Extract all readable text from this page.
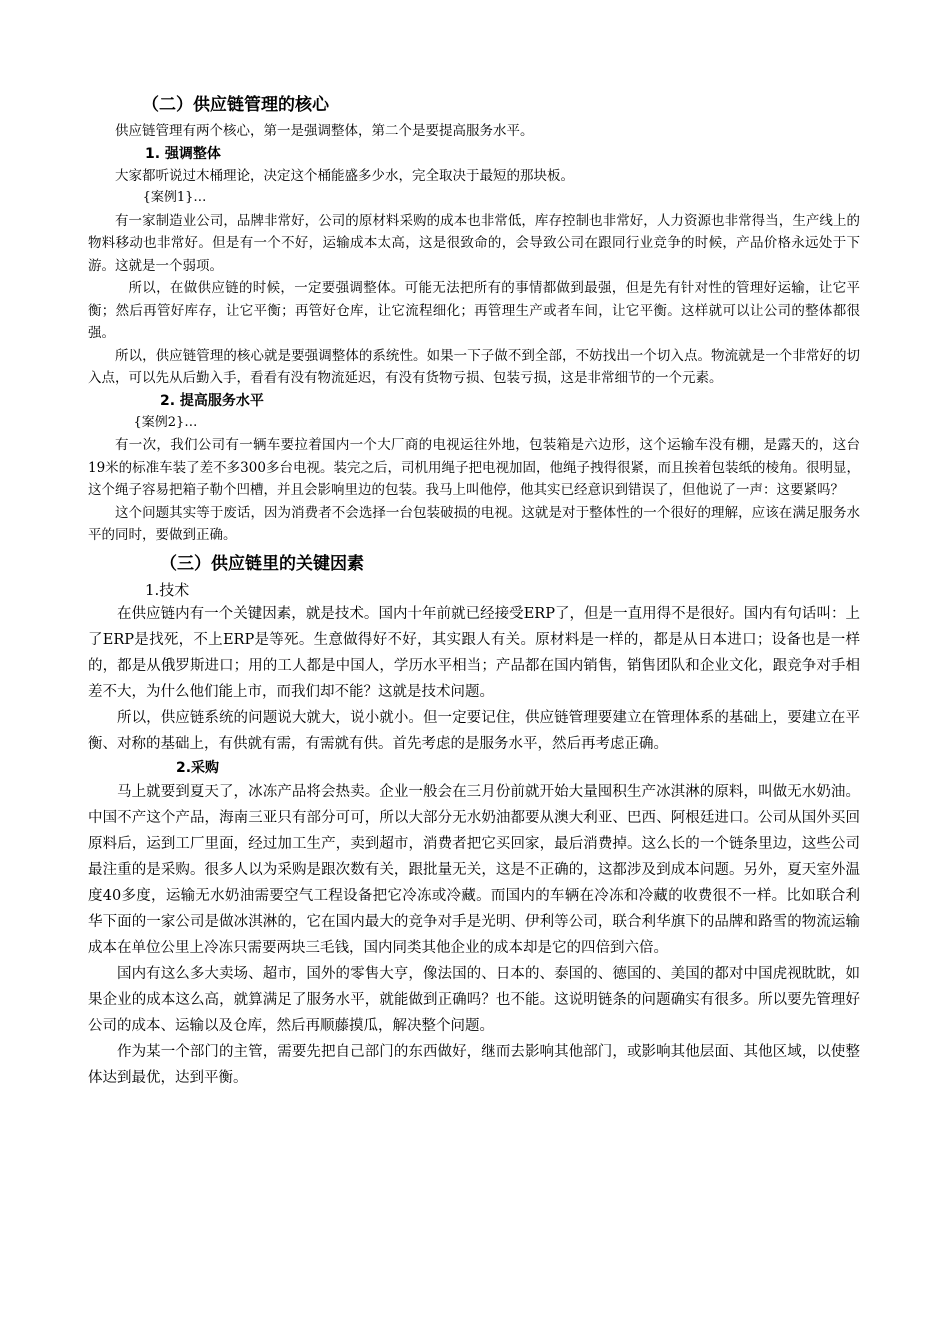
（二）供应链管理的核心

供应链管理有两个核心，第一是强调整体，第二个是要提高服务水平。

1. 强调整体

大家都听说过木桶理论，决定这个桶能盛多少水，完全取决于最短的那块板。

{案例1}…

有一家制造业公司，品牌非常好，公司的原材料采购的成本也非常低，库存控制也非常好，人力资源也非常得当，生产线上的物料移动也非常好。但是有一个不好，运输成本太高，这是很致命的，会导致公司在跟同行业竞争的时候，产品价格永远处于下游。这就是一个弱项。

所以，在做供应链的时候，一定要强调整体。可能无法把所有的事情都做到最强，但是先有针对性的管理好运输，让它平衡；然后再管好库存，让它平衡；再管好仓库，让它流程细化；再管理生产或者车间，让它平衡。这样就可以让公司的整体都很强。

所以，供应链管理的核心就是要强调整体的系统性。如果一下子做不到全部，不妨找出一个切入点。物流就是一个非常好的切入点，可以先从后勤入手，看看有没有物流延迟，有没有货物亏损、包装亏损，这是非常细节的一个元素。

2. 提高服务水平

{案例2}…

有一次，我们公司有一辆车要拉着国内一个大厂商的电视运往外地，包装箱是六边形，这个运输车没有棚，是露天的，这台19米的标准车装了差不多300多台电视。装完之后，司机用绳子把电视加固，他绳子拽得很紧，而且挨着包装纸的棱角。很明显，这个绳子容易把箱子勒个凹槽，并且会影响里边的包装。我马上叫他停，他其实已经意识到错误了，但他说了一声：这要紧吗？

这个问题其实等于废话，因为消费者不会选择一台包装破损的电视。这就是对于整体性的一个很好的理解，应该在满足服务水平的同时，要做到正确。

（三）供应链里的关键因素
1.技术

在供应链内有一个关键因素，就是技术。国内十年前就已经接受ERP了，但是一直用得不是很好。国内有句话叫：上了ERP是找死，不上ERP是等死。生意做得好不好，其实跟人有关。原材料是一样的，都是从日本进口；设备也是一样的，都是从俄罗斯进口；用的工人都是中国人，学历水平相当；产品都在国内销售，销售团队和企业文化，跟竞争对手相差不大，为什么他们能上市，而我们却不能？这就是技术问题。

所以，供应链系统的问题说大就大，说小就小。但一定要记住，供应链管理要建立在管理体系的基础上，要建立在平衡、对称的基础上，有供就有需，有需就有供。首先考虑的是服务水平，然后再考虑正确。

2.采购

马上就要到夏天了，冰冻产品将会热卖。企业一般会在三月份前就开始大量囤积生产冰淇淋的原料，叫做无水奶油。中国不产这个产品，海南三亚只有部分可可，所以大部分无水奶油都要从澳大利亚、巴西、阿根廷进口。公司从国外买回原料后，运到工厂里面，经过加工生产，卖到超市，消费者把它买回家，最后消费掉。这么长的一个链条里边，这些公司最注重的是采购。很多人以为采购是跟次数有关，跟批量无关，这是不正确的，这都涉及到成本问题。另外，夏天室外温度40多度，运输无水奶油需要空气工程设备把它冷冻或冷藏。而国内的车辆在冷冻和冷藏的收费很不一样。比如联合利华下面的一家公司是做冰淇淋的，它在国内最大的竞争对手是光明、伊利等公司，联合利华旗下的品牌和路雪的物流运输成本在单位公里上冷冻只需要两块三毛钱，国内同类其他企业的成本却是它的四倍到六倍。

国内有这么多大卖场、超市，国外的零售大亨，像法国的、日本的、泰国的、德国的、美国的都对中国虎视眈眈，如果企业的成本这么高，就算满足了服务水平，就能做到正确吗？也不能。这说明链条的问题确实有很多。所以要先管理好公司的成本、运输以及仓库，然后再顺藤摸瓜，解决整个问题。

作为某一个部门的主管，需要先把自己部门的东西做好，继而去影响其他部门，或影响其他层面、其他区域，以使整体达到最优，达到平衡。
